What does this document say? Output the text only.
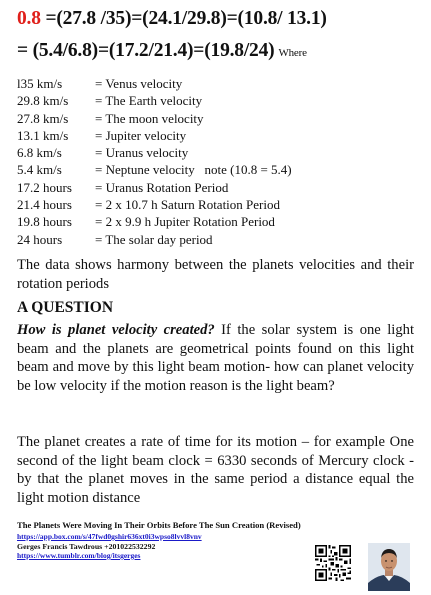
0.8 =(27.8 /35)=(24.1/29.8)=(10.8/ 13.1)
= (5.4/6.8)=(17.2/21.4)=(19.8/24) Where
l35 km/s	= Venus velocity
29.8 km/s	= The Earth velocity
27.8 km/s	= The moon velocity
13.1 km/s	= Jupiter velocity
6.8 km/s	= Uranus velocity
5.4 km/s	= Neptune velocity   note (10.8 = 5.4)
17.2 hours	= Uranus Rotation Period
21.4 hours	= 2 x 10.7 h Saturn Rotation Period
19.8 hours	= 2 x 9.9 h Jupiter Rotation Period
24 hours	= The solar day period
The data shows harmony between the planets velocities and their rotation periods
A QUESTION
How is planet velocity created? If the solar system is one light beam and the planets are geometrical points found on this light beam and move by this light beam motion- how can planet velocity be low velocity if the motion reason is the light beam?
The planet creates a rate of time for its motion – for example One second of the light beam clock = 6330 seconds of Mercury clock -by that the planet moves in the same period a distance equal the light motion distance
The Planets Were Moving In Their Orbits Before The Sun Creation (Revised)
https://app.box.com/s/47fwd0gshir636xt0i3wpso8lvvl8vnv
Gerges Francis Tawdrous +201022532292
https://www.tumblr.com/blog/itsgerges
